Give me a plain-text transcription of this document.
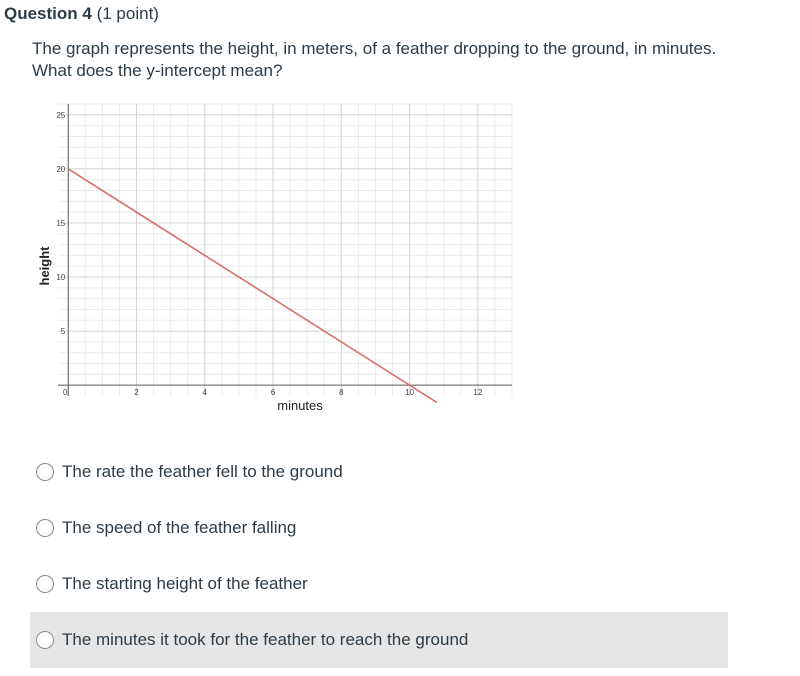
Question 4 (1 point)
The graph represents the height, in meters, of a feather dropping to the ground, in minutes. What does the y-intercept mean?
0	2	4	6	8	10	12
5
10
15
20
25
minutes
height
The rate the feather fell to the ground
The speed of the feather falling
The starting height of the feather
The minutes it took for the feather to reach the ground
